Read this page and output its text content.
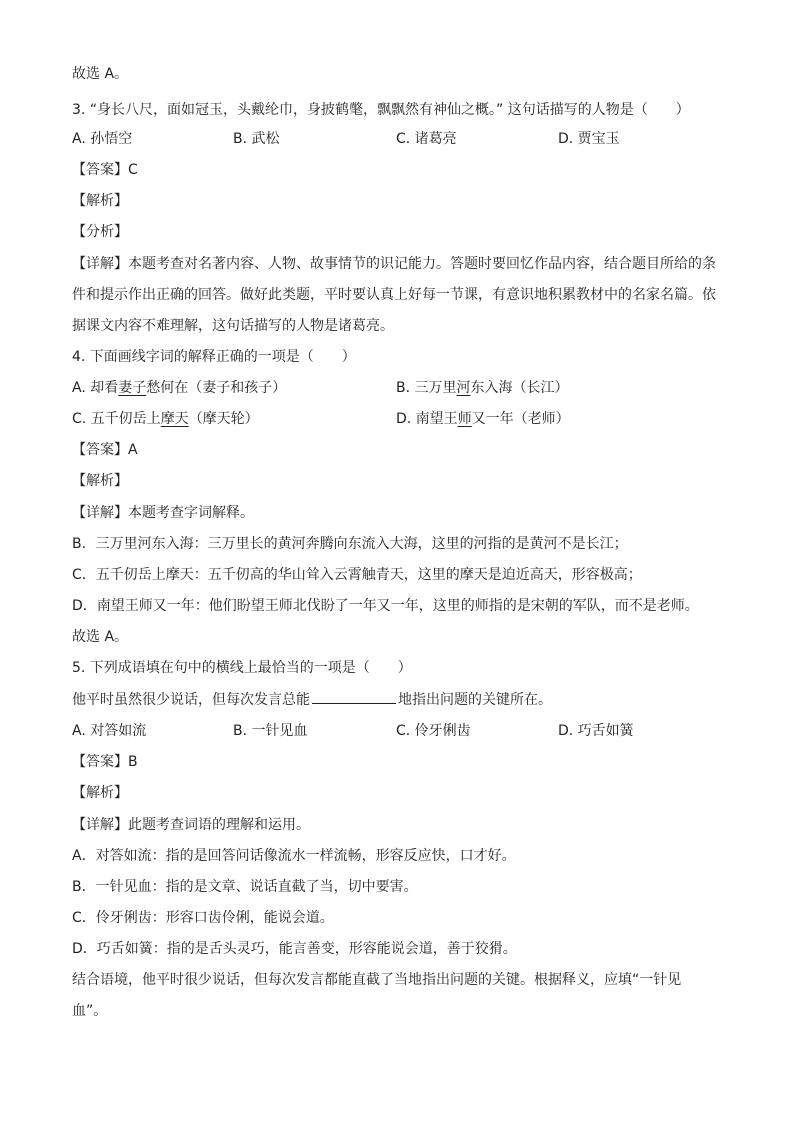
故选 A。
3. “身长八尺，面如冠玉，头戴纶巾，身披鹤氅，飘飘然有神仙之概。” 这句话描写的人物是（　　）
A. 孙悟空	B. 武松	C. 诸葛亮	D. 贾宝玉
【答案】C
【解析】
【分析】
【详解】本题考查对名著内容、人物、故事情节的识记能力。答题时要回忆作品内容，结合题目所给的条
件和提示作出正确的回答。做好此类题，平时要认真上好每一节课，有意识地积累教材中的名家名篇。依
据课文内容不难理解，这句话描写的人物是诸葛亮。
4. 下面画线字词的解释正确的一项是（　　）
A. 却看妻子愁何在（妻子和孩子）	B. 三万里河东入海（长江）
C. 五千仞岳上摩天（摩天轮）	D. 南望王师又一年（老师）
【答案】A
【解析】
【详解】本题考查字词解释。
B．三万里河东入海：三万里长的黄河奔腾向东流入大海，这里的河指的是黄河不是长江；
C．五千仞岳上摩天：五千仞高的华山耸入云霄触青天，这里的摩天是迫近高天，形容极高；
D．南望王师又一年：他们盼望王师北伐盼了一年又一年，这里的师指的是宋朝的军队，而不是老师。
故选 A。
5. 下列成语填在句中的横线上最恰当的一项是（　　）
他平时虽然很少说话，但每次发言总能	地指出问题的关键所在。
A. 对答如流	B. 一针见血	C. 伶牙俐齿	D. 巧舌如簧
【答案】B
【解析】
【详解】此题考查词语的理解和运用。
A．对答如流：指的是回答问话像流水一样流畅，形容反应快，口才好。
B．一针见血：指的是文章、说话直截了当，切中要害。
C．伶牙俐齿：形容口齿伶俐，能说会道。
D．巧舌如簧：指的是舌头灵巧，能言善变，形容能说会道，善于狡猾。
结合语境，他平时很少说话，但每次发言都能直截了当地指出问题的关键。根据释义，应填“一针见
血”。
